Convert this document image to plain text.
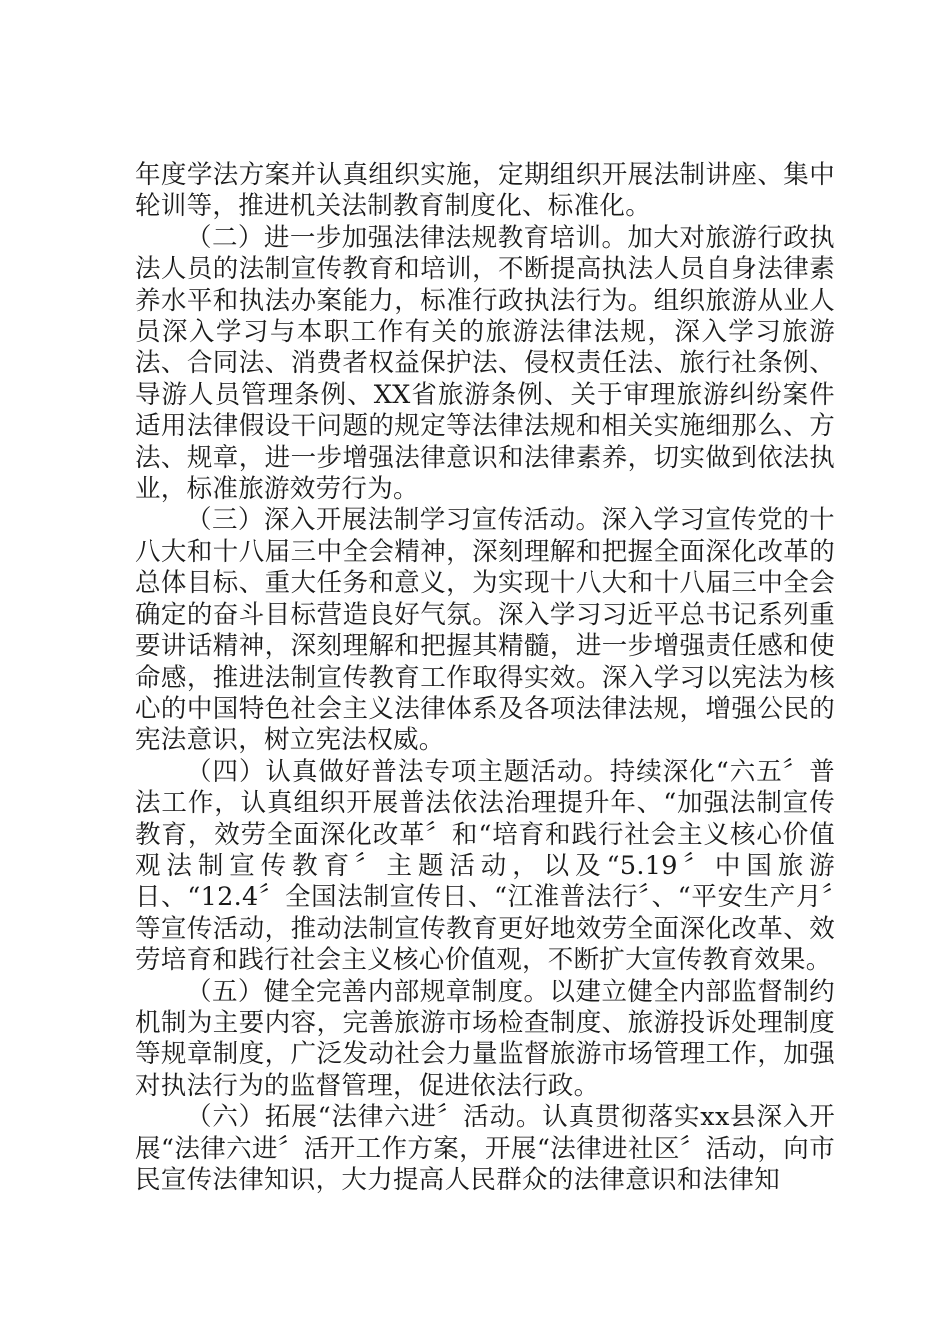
年度学法方案并认真组织实施，定期组织开展法制讲座、集中轮训等，推进机关法制教育制度化、标准化。

（二）进一步加强法律法规教育培训。加大对旅游行政执法人员的法制宣传教育和培训，不断提高执法人员自身法律素养水平和执法办案能力，标准行政执法行为。组织旅游从业人员深入学习与本职工作有关的旅游法律法规，深入学习旅游法、合同法、消费者权益保护法、侵权责任法、旅行社条例、导游人员管理条例、XX省旅游条例、关于审理旅游纠纷案件适用法律假设干问题的规定等法律法规和相关实施细那么、方法、规章，进一步增强法律意识和法律素养，切实做到依法执业，标准旅游效劳行为。

（三）深入开展法制学习宣传活动。深入学习宣传党的十八大和十八届三中全会精神，深刻理解和把握全面深化改革的总体目标、重大任务和意义，为实现十八大和十八届三中全会确定的奋斗目标营造良好气氛。深入学习习近平总书记系列重要讲话精神，深刻理解和把握其精髓，进一步增强责任感和使命感，推进法制宣传教育工作取得实效。深入学习以宪法为核心的中国特色社会主义法律体系及各项法律法规，增强公民的宪法意识，树立宪法权威。

（四）认真做好普法专项主题活动。持续深化“六五〞普法工作，认真组织开展普法依法治理提升年、“加强法制宣传教育，效劳全面深化改革〞和“培育和践行社会主义核心价值观法制宣传教育〞主题活动，以及“5.19〞中国旅游日、“12.4〞全国法制宣传日、“江淮普法行〞、“平安生产月〞等宣传活动，推动法制宣传教育更好地效劳全面深化改革、效劳培育和践行社会主义核心价值观，不断扩大宣传教育效果。

（五）健全完善内部规章制度。以建立健全内部监督制约机制为主要内容，完善旅游市场检查制度、旅游投诉处理制度等规章制度，广泛发动社会力量监督旅游市场管理工作，加强对执法行为的监督管理，促进依法行政。

（六）拓展“法律六进〞活动。认真贯彻落实xx县深入开展“法律六进〞活开工作方案，开展“法律进社区〞活动，向市民宣传法律知识，大力提高人民群众的法律意识和法律知
